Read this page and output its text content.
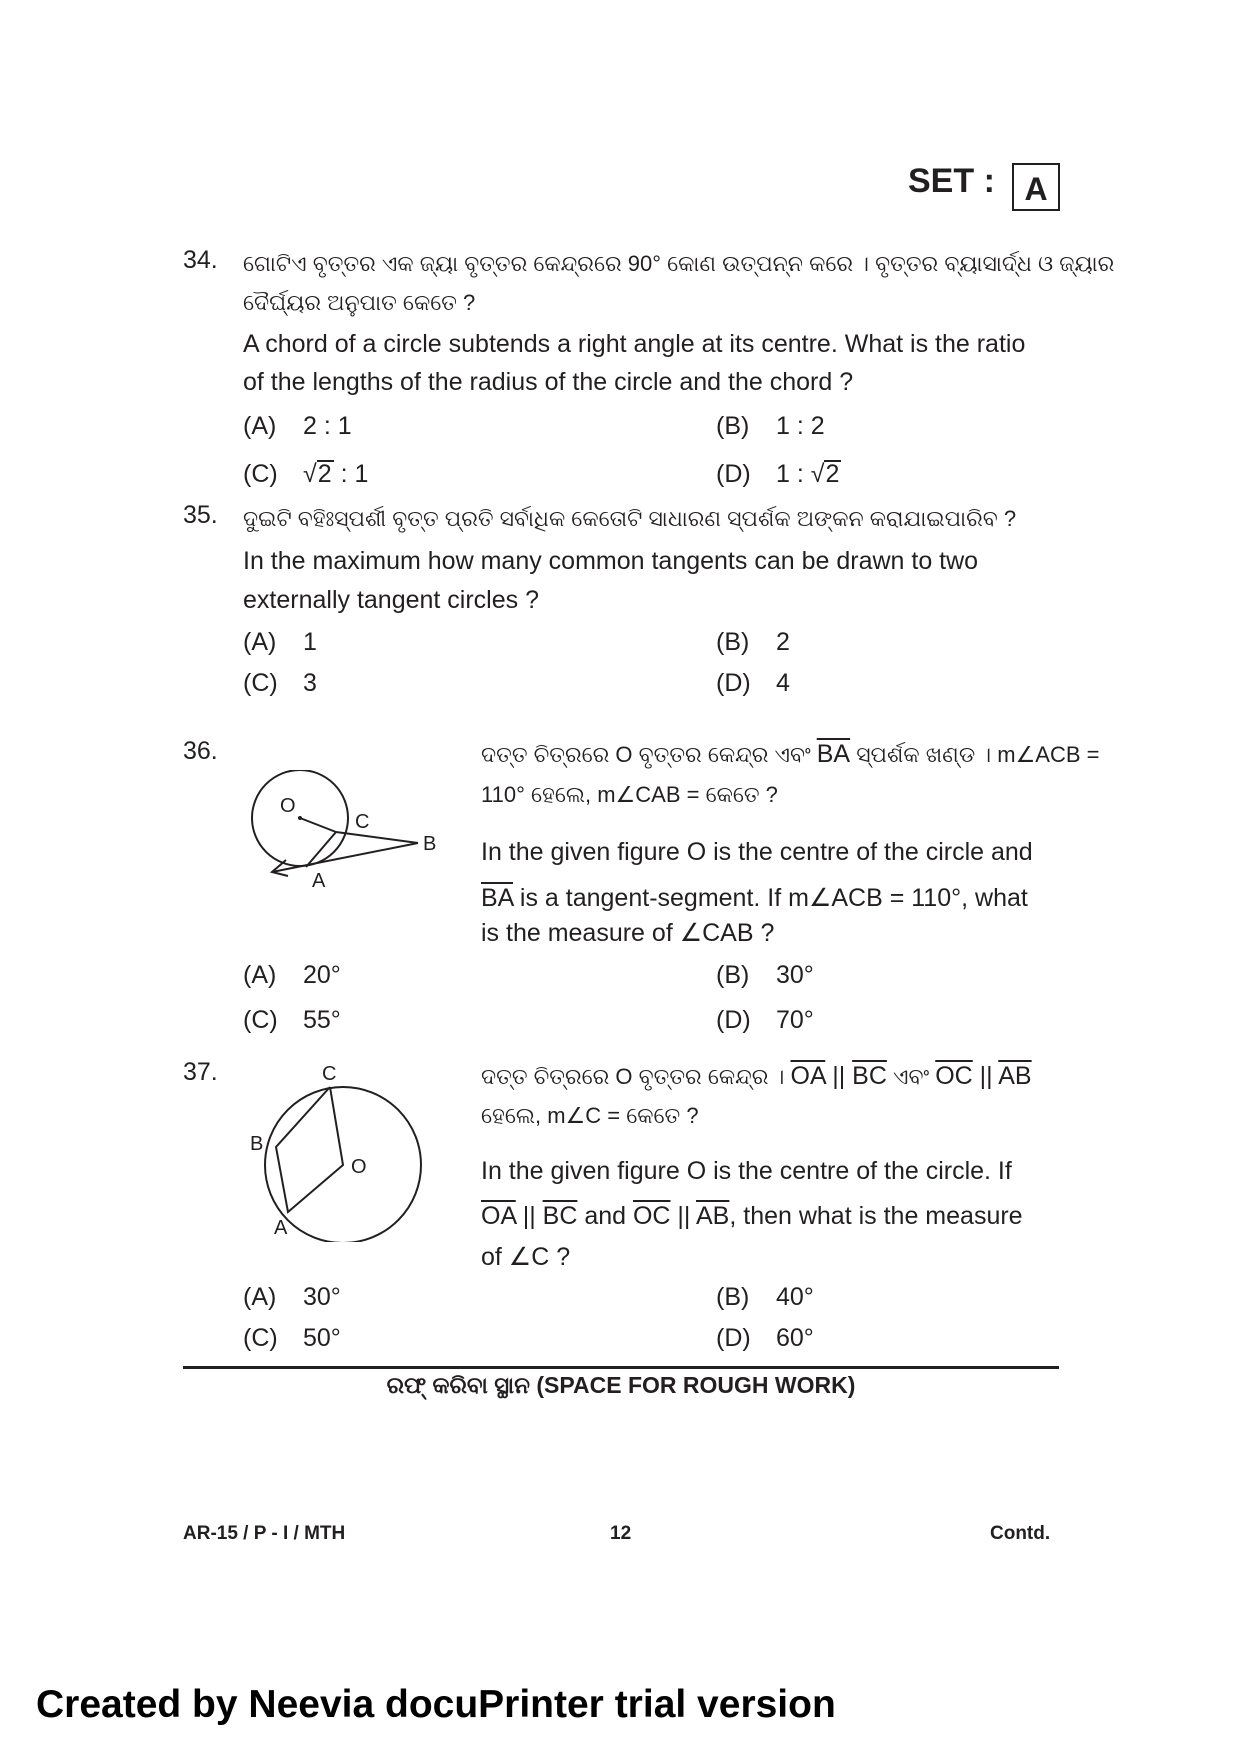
SET : A
34. ଗୋଟିଏ ବୃତ୍ତର ଏକ ଜ୍ୟା ବୃତ୍ତର କେନ୍ଦ୍ରରେ 90° କୋଣ ଉତ୍ପନ୍ନ କରେ । ବୃତ୍ତର ବ୍ୟାସାର୍ଦ୍ଧ ଓ ଜ୍ୟାର
ଦୈର୍ଘ୍ୟର ଅନୁପାତ କେତେ ?
A chord of a circle subtends a right angle at its centre. What is the ratio
of the lengths of the radius of the circle and the chord ?
(A) 2 : 1	(B) 1 : 2
(C) √2 : 1	(D) 1 : √2
35. ଦୁଇଟି ବହିଃସ୍ପର୍ଶୀ ବୃତ୍ତ ପ୍ରତି ସର୍ବାଧିକ କେତୋଟି ସାଧାରଣ ସ୍ପର୍ଶକ ଅଙ୍କନ କରାଯାଇପାରିବ ?
In the maximum how many common tangents can be drawn to two
externally tangent circles ?
(A) 1	(B) 2
(C) 3	(D) 4
36.
O
C
B
A
ଦତ୍ତ ଚିତ୍ରରେ O ବୃତ୍ତର କେନ୍ଦ୍ର ଏବଂ $\overline{BA}$ ସ୍ପର୍ଶକ ଖଣ୍ଡ । m∠ACB =
110° ହେଲେ, m∠CAB = କେତେ ?
In the given figure O is the centre of the circle and
$\overline{BA}$ is a tangent-segment. If m∠ACB = 110°, what
is the measure of ∠CAB ?
(A) 20°	(B) 30°
(C) 55°	(D) 70°
37.	C
B
O
A
ଦତ୍ତ ଚିତ୍ରରେ O ବୃତ୍ତର କେନ୍ଦ୍ର । $\overline{OA}$ || $\overline{BC}$ ଏବଂ $\overline{OC}$ || $\overline{AB}$
ହେଲେ, m∠C = କେତେ ?
In the given figure O is the centre of the circle. If
$\overline{OA}$ || $\overline{BC}$ and $\overline{OC}$ || $\overline{AB}$, then what is the measure
of ∠C ?
(A) 30°	(B) 40°
(C) 50°	(D) 60°
ରଫ୍ କରିବା ସ୍ଥାନ (SPACE FOR ROUGH WORK)
AR-15 / P - I / MTH	12	Contd.
Created by Neevia docuPrinter trial version
